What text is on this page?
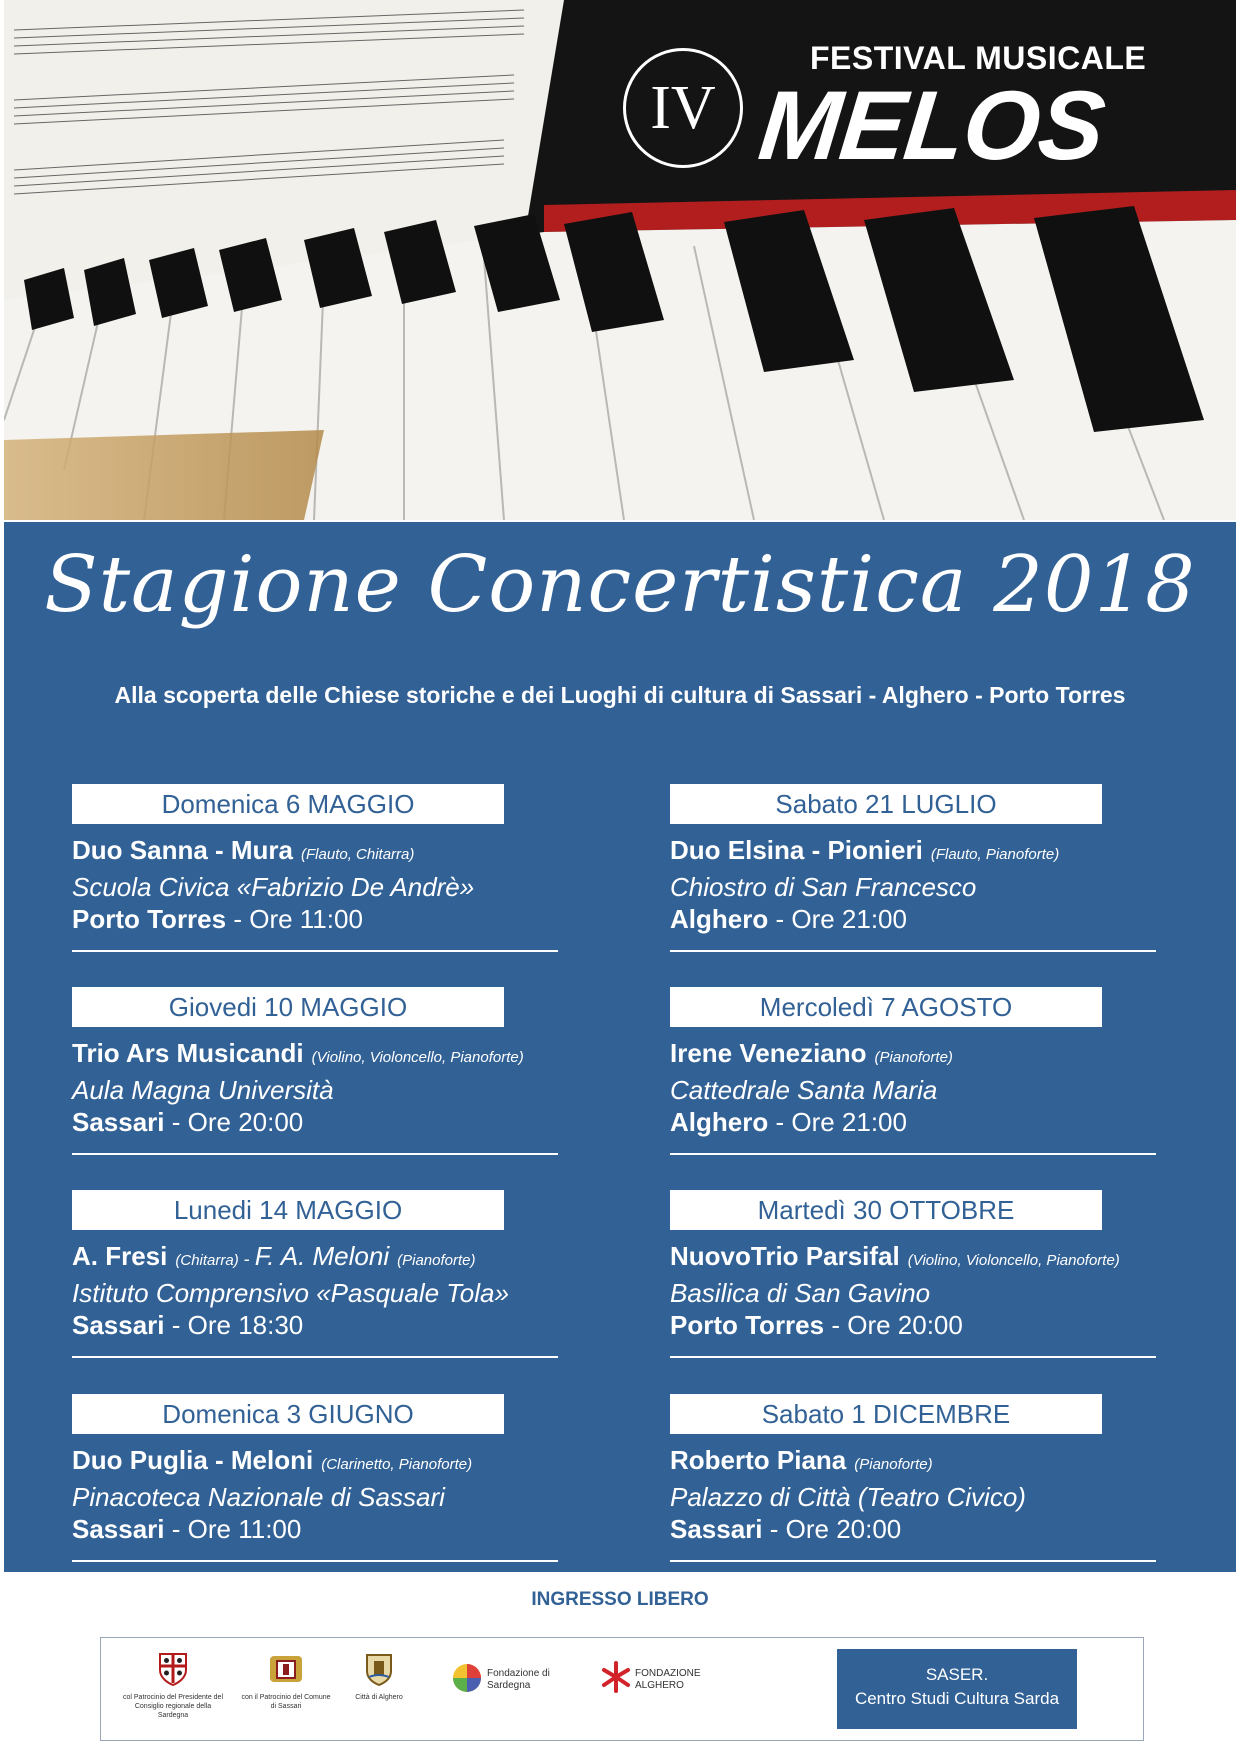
IV
FESTIVAL MUSICALE
MELOS
Stagione Concertistica 2018
Alla scoperta delle Chiese storiche e dei Luoghi di cultura di Sassari - Alghero - Porto Torres
Domenica 6 MAGGIO
Duo Sanna - Mura (Flauto, Chitarra)
Scuola Civica «Fabrizio De Andrè»
Porto Torres - Ore 11:00
Giovedi 10 MAGGIO
Trio Ars Musicandi (Violino, Violoncello, Pianoforte)
Aula Magna Università
Sassari - Ore 20:00
Lunedi 14 MAGGIO
A. Fresi (Chitarra) - F. A. Meloni (Pianoforte)
Istituto Comprensivo «Pasquale Tola»
Sassari - Ore 18:30
Domenica 3 GIUGNO
Duo Puglia - Meloni (Clarinetto, Pianoforte)
Pinacoteca Nazionale di Sassari
Sassari - Ore 11:00
Sabato 21 LUGLIO
Duo Elsina - Pionieri (Flauto, Pianoforte)
Chiostro di San Francesco
Alghero - Ore 21:00
Mercoledì 7 AGOSTO
Irene Veneziano (Pianoforte)
Cattedrale Santa Maria
Alghero - Ore 21:00
Martedì 30 OTTOBRE
NuovoTrio Parsifal (Violino, Violoncello, Pianoforte)
Basilica di San Gavino
Porto Torres - Ore 20:00
Sabato 1 DICEMBRE
Roberto Piana (Pianoforte)
Palazzo di Città (Teatro Civico)
Sassari - Ore 20:00
INGRESSO LIBERO
col Patrocinio del Presidente del Consiglio regionale della Sardegna
con il Patrocinio del Comune di Sassari
Città di Alghero
Fondazione di Sardegna
FONDAZIONE ALGHERO
SASER.
Centro Studi Cultura Sarda
